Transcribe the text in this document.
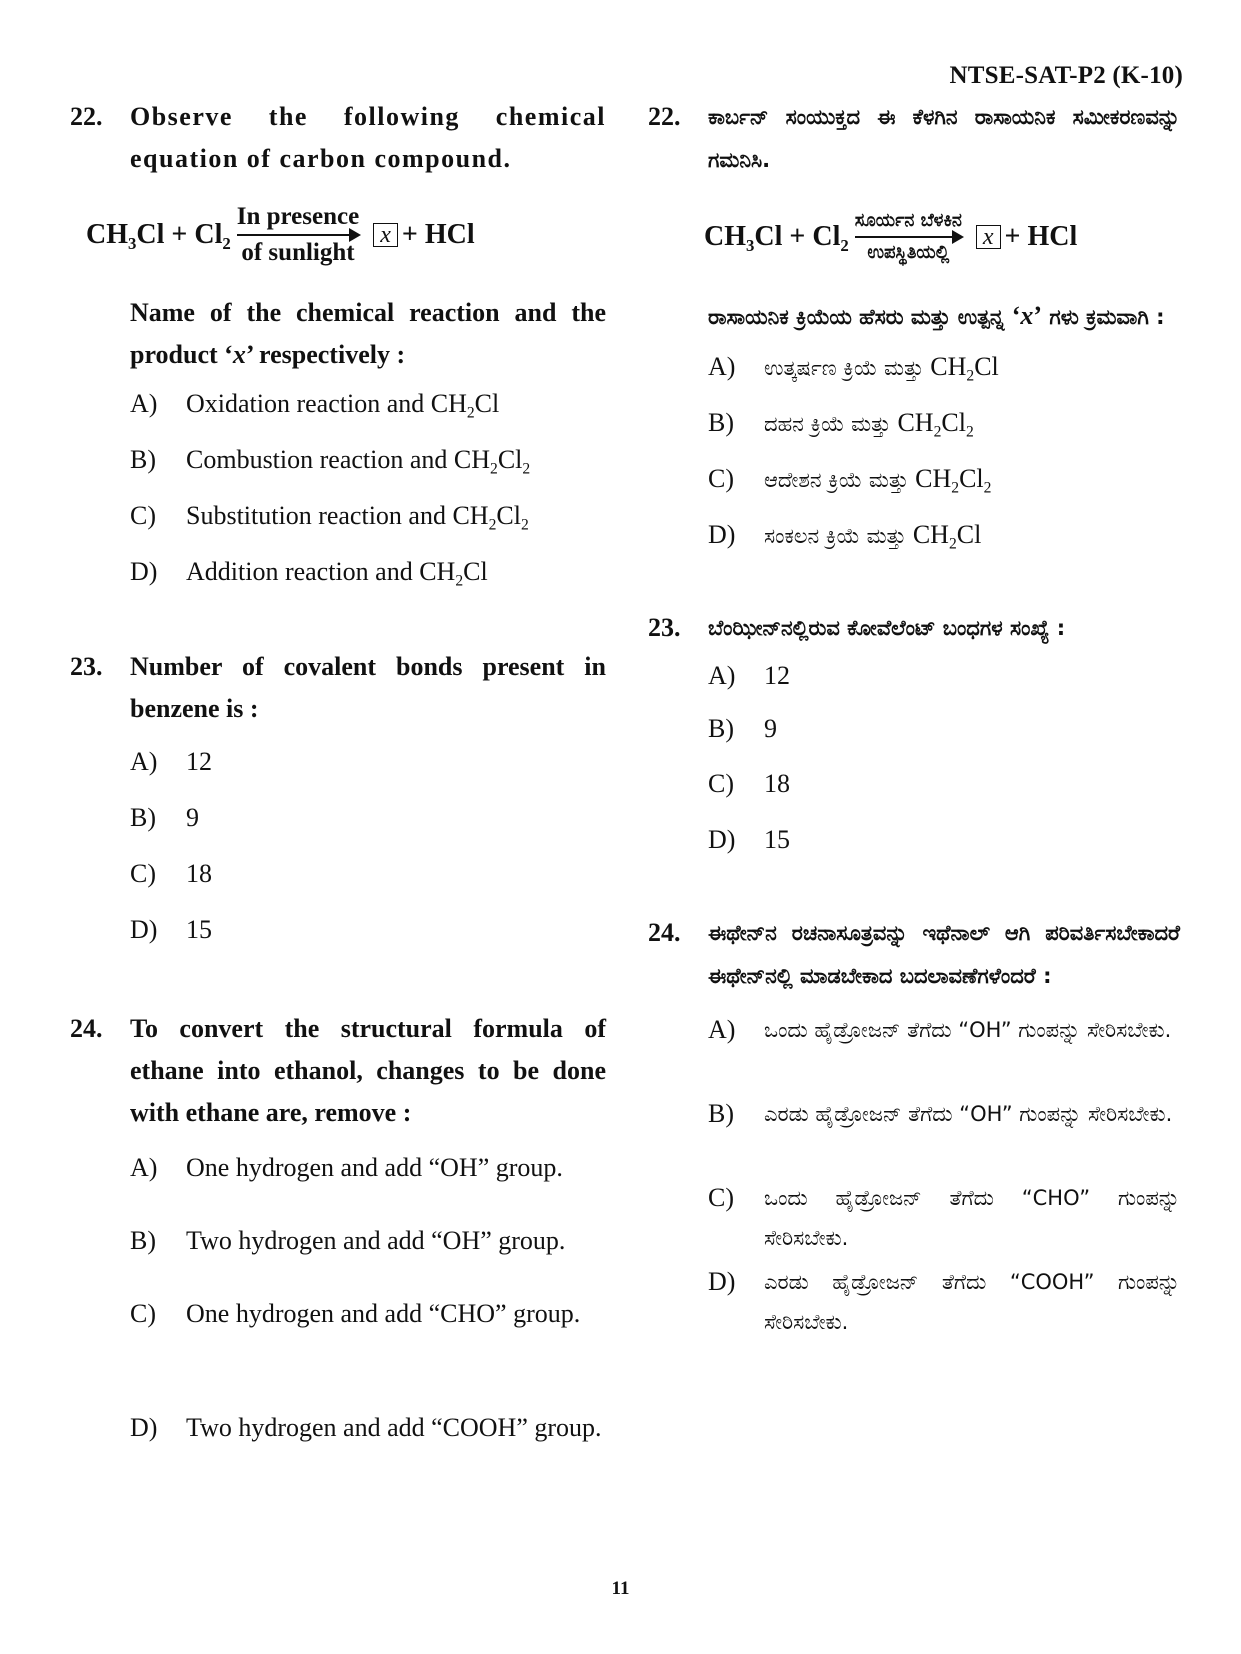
NTSE-SAT-P2 (K-10)
22. Observe the following chemical equation of carbon compound.
$CH_3Cl + Cl_2$
In presence
of sunlight
x + HCl
Name of the chemical reaction and the product ‘x’ respectively :
A) Oxidation reaction and $CH_2Cl$
B) Combustion reaction and $CH_2Cl_2$
C) Substitution reaction and $CH_2Cl_2$
D) Addition reaction and $CH_2Cl$
23. Number of covalent bonds present in benzene is :
A) 12
B) 9
C) 18
D) 15
24. To convert the structural formula of ethane into ethanol, changes to be done with ethane are, remove :
A) One hydrogen and add “OH” group.
B) Two hydrogen and add “OH” group.
C) One hydrogen and add “CHO” group.
D) Two hydrogen and add “COOH” group.
22. ಕಾರ್ಬನ್ ಸಂಯುಕ್ತದ ಈ ಕೆಳಗಿನ ರಾಸಾಯನಿಕ ಸಮೀಕರಣವನ್ನು ಗಮನಿಸಿ.
$CH_3Cl + Cl_2$
ಸೂರ್ಯನ ಬೆಳಕಿನ
ಉಪಸ್ಥಿತಿಯಲ್ಲಿ
x + HCl
ರಾಸಾಯನಿಕ ಕ್ರಿಯೆಯ ಹೆಸರು ಮತ್ತು ಉತ್ಪನ್ನ ‘x’ ಗಳು ಕ್ರಮವಾಗಿ :
A) ಉತ್ಕರ್ಷಣ ಕ್ರಿಯೆ ಮತ್ತು $CH_2Cl$
B) ದಹನ ಕ್ರಿಯೆ ಮತ್ತು $CH_2Cl_2$
C) ಆದೇಶನ ಕ್ರಿಯೆ ಮತ್ತು $CH_2Cl_2$
D) ಸಂಕಲನ ಕ್ರಿಯೆ ಮತ್ತು $CH_2Cl$
23. ಬೆಂಝೀನ್‌ನಲ್ಲಿರುವ ಕೋವೆಲೆಂಟ್ ಬಂಧಗಳ ಸಂಖ್ಯೆ :
A) 12
B) 9
C) 18
D) 15
24. ಈಥೇನ್‌ನ ರಚನಾಸೂತ್ರವನ್ನು ಇಥೆನಾಲ್ ಆಗಿ ಪರಿವರ್ತಿಸಬೇಕಾದರೆ ಈಥೇನ್‌ನಲ್ಲಿ ಮಾಡಬೇಕಾದ ಬದಲಾವಣೆಗಳೆಂದರೆ :
A) ಒಂದು ಹೈಡ್ರೋಜನ್ ತೆಗೆದು “OH” ಗುಂಪನ್ನು ಸೇರಿಸಬೇಕು.
B) ಎರಡು ಹೈಡ್ರೋಜನ್ ತೆಗೆದು “OH” ಗುಂಪನ್ನು ಸೇರಿಸಬೇಕು.
C) ಒಂದು ಹೈಡ್ರೋಜನ್ ತೆಗೆದು “CHO” ಗುಂಪನ್ನು ಸೇರಿಸಬೇಕು.
D) ಎರಡು ಹೈಡ್ರೋಜನ್ ತೆಗೆದು “COOH” ಗುಂಪನ್ನು ಸೇರಿಸಬೇಕು.
11
